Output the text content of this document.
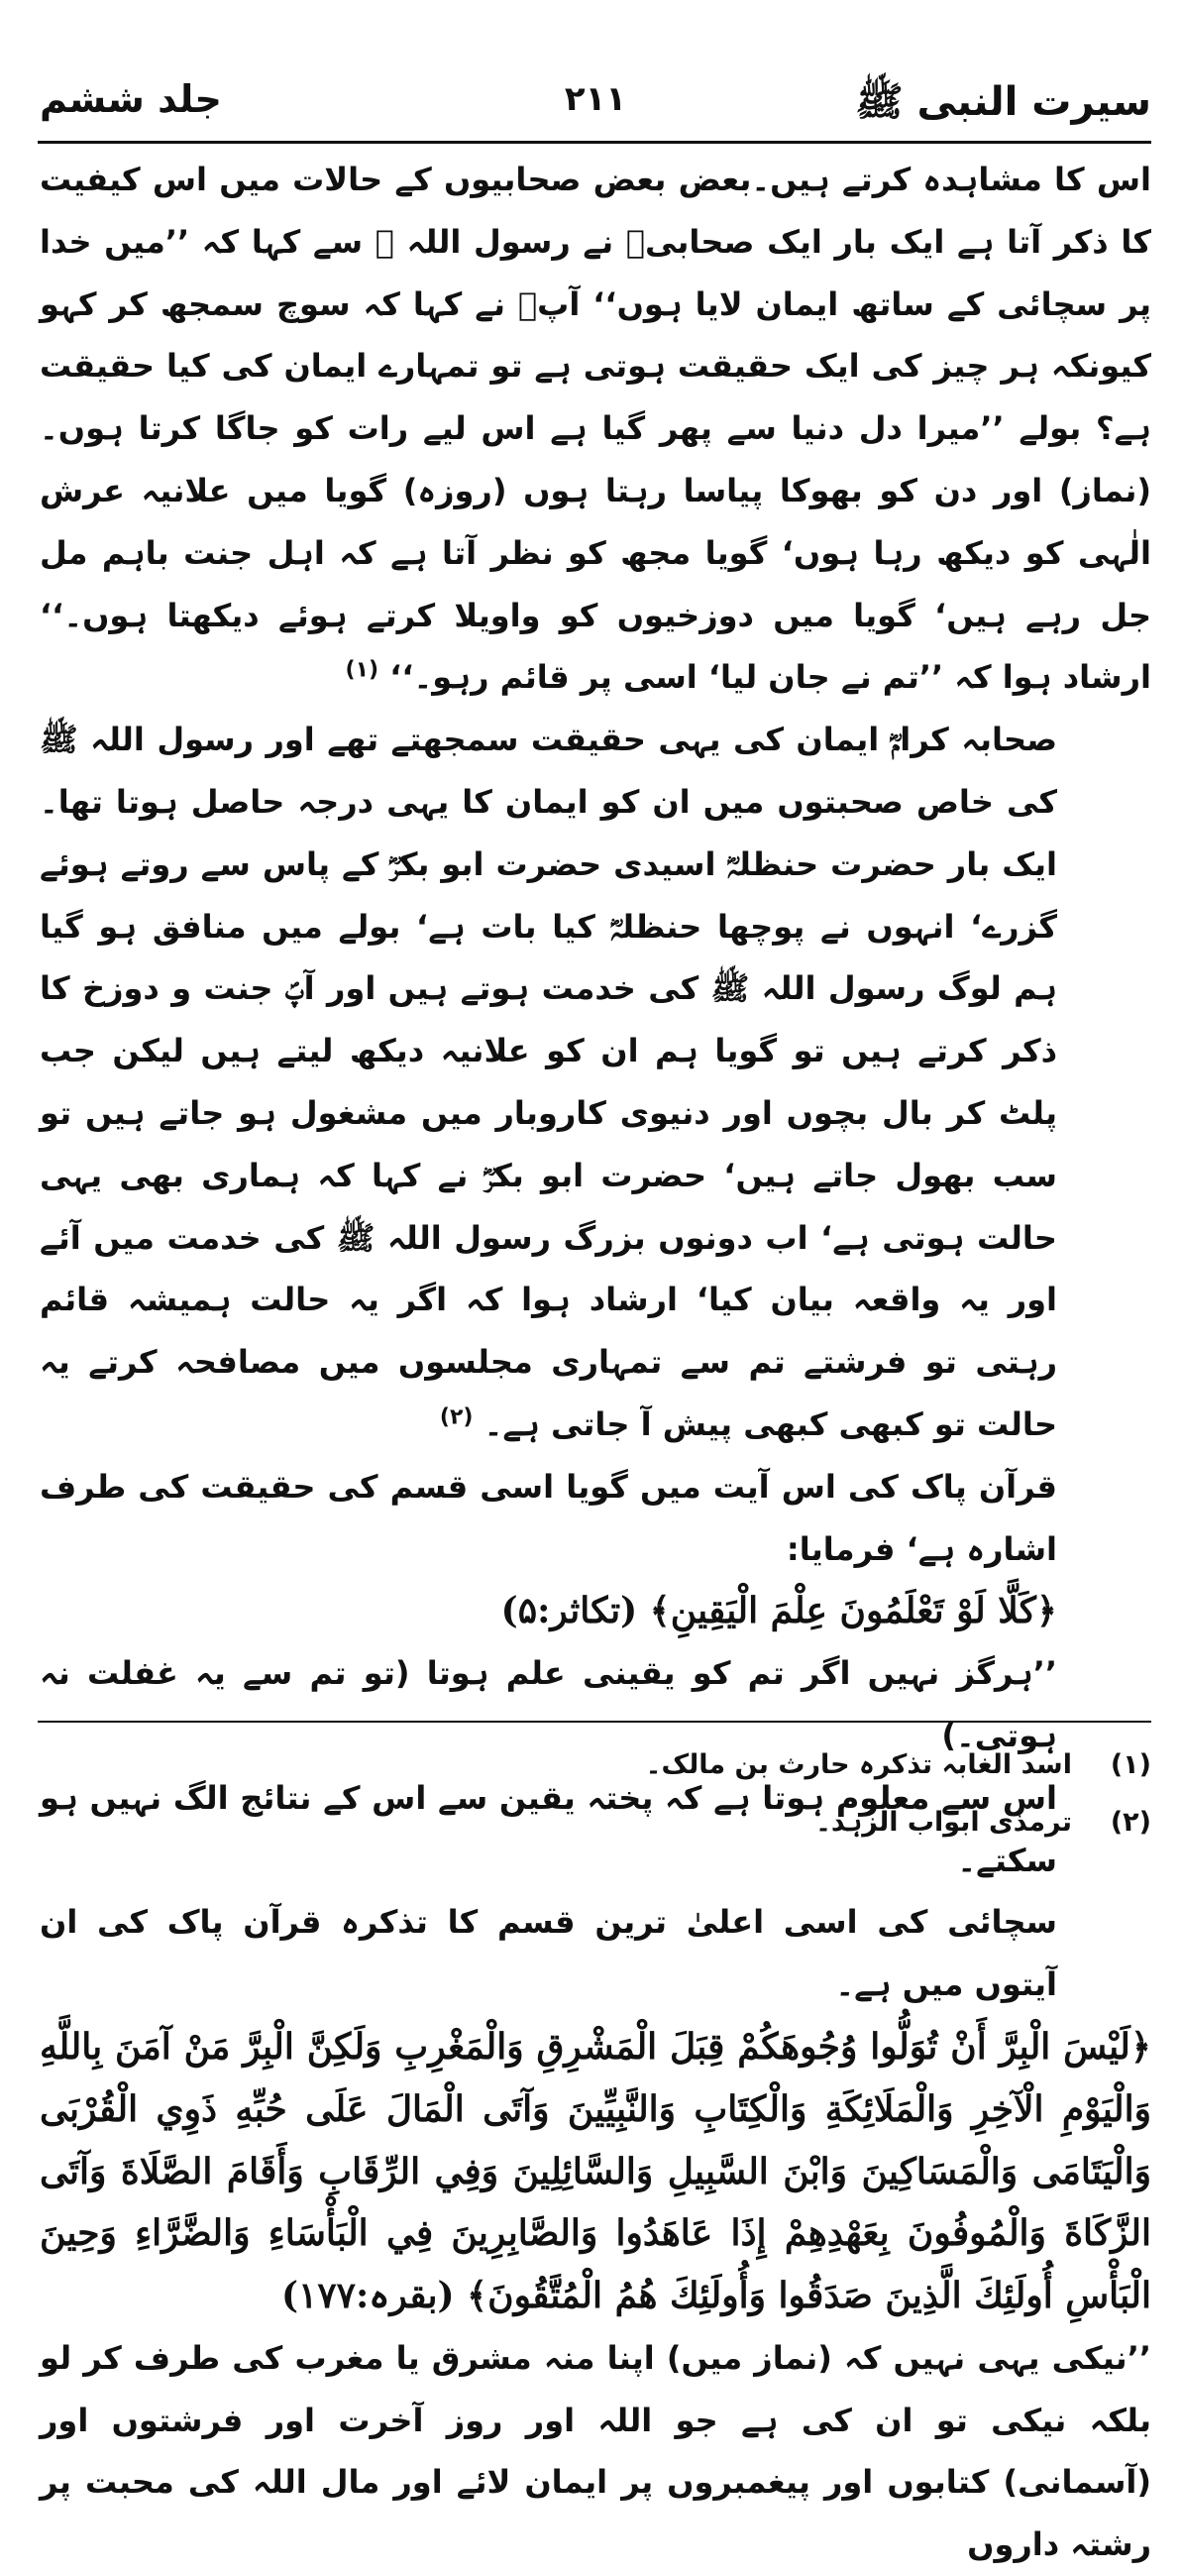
سیرت النبی ﷺ
۲۱۱
جلد ششم

اس کا مشاہدہ کرتے ہیں۔بعض بعض صحابیوں کے حالات میں اس کیفیت کا ذکر آتا ہے ایک بار ایک صحابیؓ نے رسول اللہ ﷺ سے کہا کہ ’’میں خدا پر سچائی کے ساتھ ایمان لایا ہوں‘‘ آپؐ نے کہا کہ سوچ سمجھ کر کہو کیونکہ ہر چیز کی ایک حقیقت ہوتی ہے تو تمہارے ایمان کی کیا حقیقت ہے؟ بولے ’’میرا دل دنیا سے پھر گیا ہے اس لیے رات کو جاگا کرتا ہوں۔(نماز) اور دن کو بھوکا پیاسا رہتا ہوں (روزہ) گویا میں علانیہ عرش الٰہی کو دیکھ رہا ہوں‘ گویا مجھ کو نظر آتا ہے کہ اہل جنت باہم مل جل رہے ہیں‘ گویا میں دوزخیوں کو واویلا کرتے ہوئے دیکھتا ہوں۔‘‘ ارشاد ہوا کہ ’’تم نے جان لیا‘ اسی پر قائم رہو۔‘‘ $^{(۱)}$

صحابہ کرامؓ ایمان کی یہی حقیقت سمجھتے تھے اور رسول اللہ ﷺ کی خاص صحبتوں میں ان کو ایمان کا یہی درجہ حاصل ہوتا تھا۔ایک بار حضرت حنظلہؓ اسیدی حضرت ابو بکرؓ کے پاس سے روتے ہوئے گزرے‘ انہوں نے پوچھا حنظلہؓ کیا بات ہے‘ بولے میں منافق ہو گیا ہم لوگ رسول اللہ ﷺ کی خدمت ہوتے ہیں اور آپؐ جنت و دوزخ کا ذکر کرتے ہیں تو گویا ہم ان کو علانیہ دیکھ لیتے ہیں لیکن جب پلٹ کر بال بچوں اور دنیوی کاروبار میں مشغول ہو جاتے ہیں تو سب بھول جاتے ہیں‘ حضرت ابو بکرؓ نے کہا کہ ہماری بھی یہی حالت ہوتی ہے‘ اب دونوں بزرگ رسول اللہ ﷺ کی خدمت میں آئے اور یہ واقعہ بیان کیا‘ ارشاد ہوا کہ اگر یہ حالت ہمیشہ قائم رہتی تو فرشتے تم سے تمہاری مجلسوں میں مصافحہ کرتے یہ حالت تو کبھی کبھی پیش آ جاتی ہے۔ $^{(۲)}$

قرآن پاک کی اس آیت میں گویا اسی قسم کی حقیقت کی طرف اشارہ ہے‘ فرمایا:

﴿كَلَّا لَوْ تَعْلَمُونَ عِلْمَ الْيَقِينِ﴾ (تکاثر:۵)

’’ہرگز نہیں اگر تم کو یقینی علم ہوتا (تو تم سے یہ غفلت نہ ہوتی۔)

اس سے معلوم ہوتا ہے کہ پختہ یقین سے اس کے نتائج الگ نہیں ہو سکتے۔

سچائی کی اسی اعلیٰ ترین قسم کا تذکرہ قرآن پاک کی ان آیتوں میں ہے۔

﴿لَيْسَ الْبِرَّ أَنْ تُوَلُّوا وُجُوهَكُمْ قِبَلَ الْمَشْرِقِ وَالْمَغْرِبِ وَلَكِنَّ الْبِرَّ مَنْ آمَنَ بِاللَّهِ وَالْيَوْمِ الْآخِرِ وَالْمَلَائِكَةِ وَالْكِتَابِ وَالنَّبِيِّينَ وَآتَى الْمَالَ عَلَى حُبِّهِ ذَوِي الْقُرْبَى وَالْيَتَامَى وَالْمَسَاكِينَ وَابْنَ السَّبِيلِ وَالسَّائِلِينَ وَفِي الرِّقَابِ وَأَقَامَ الصَّلَاةَ وَآتَى الزَّكَاةَ وَالْمُوفُونَ بِعَهْدِهِمْ إِذَا عَاهَدُوا وَالصَّابِرِينَ فِي الْبَأْسَاءِ وَالضَّرَّاءِ وَحِينَ الْبَأْسِ أُولَئِكَ الَّذِينَ صَدَقُوا وَأُولَئِكَ هُمُ الْمُتَّقُونَ﴾ (بقرہ:۱۷۷)

’’نیکی یہی نہیں کہ (نماز میں) اپنا منہ مشرق یا مغرب کی طرف کر لو بلکہ نیکی تو ان کی ہے جو اللہ اور روز آخرت اور فرشتوں اور (آسمانی) کتابوں اور پیغمبروں پر ایمان لائے اور مال اللہ کی محبت پر رشتہ داروں

(۱)
اسد الغابہ تذکرہ حارث بن مالک۔
(۲)
ترمذی ابواب الزہد۔
